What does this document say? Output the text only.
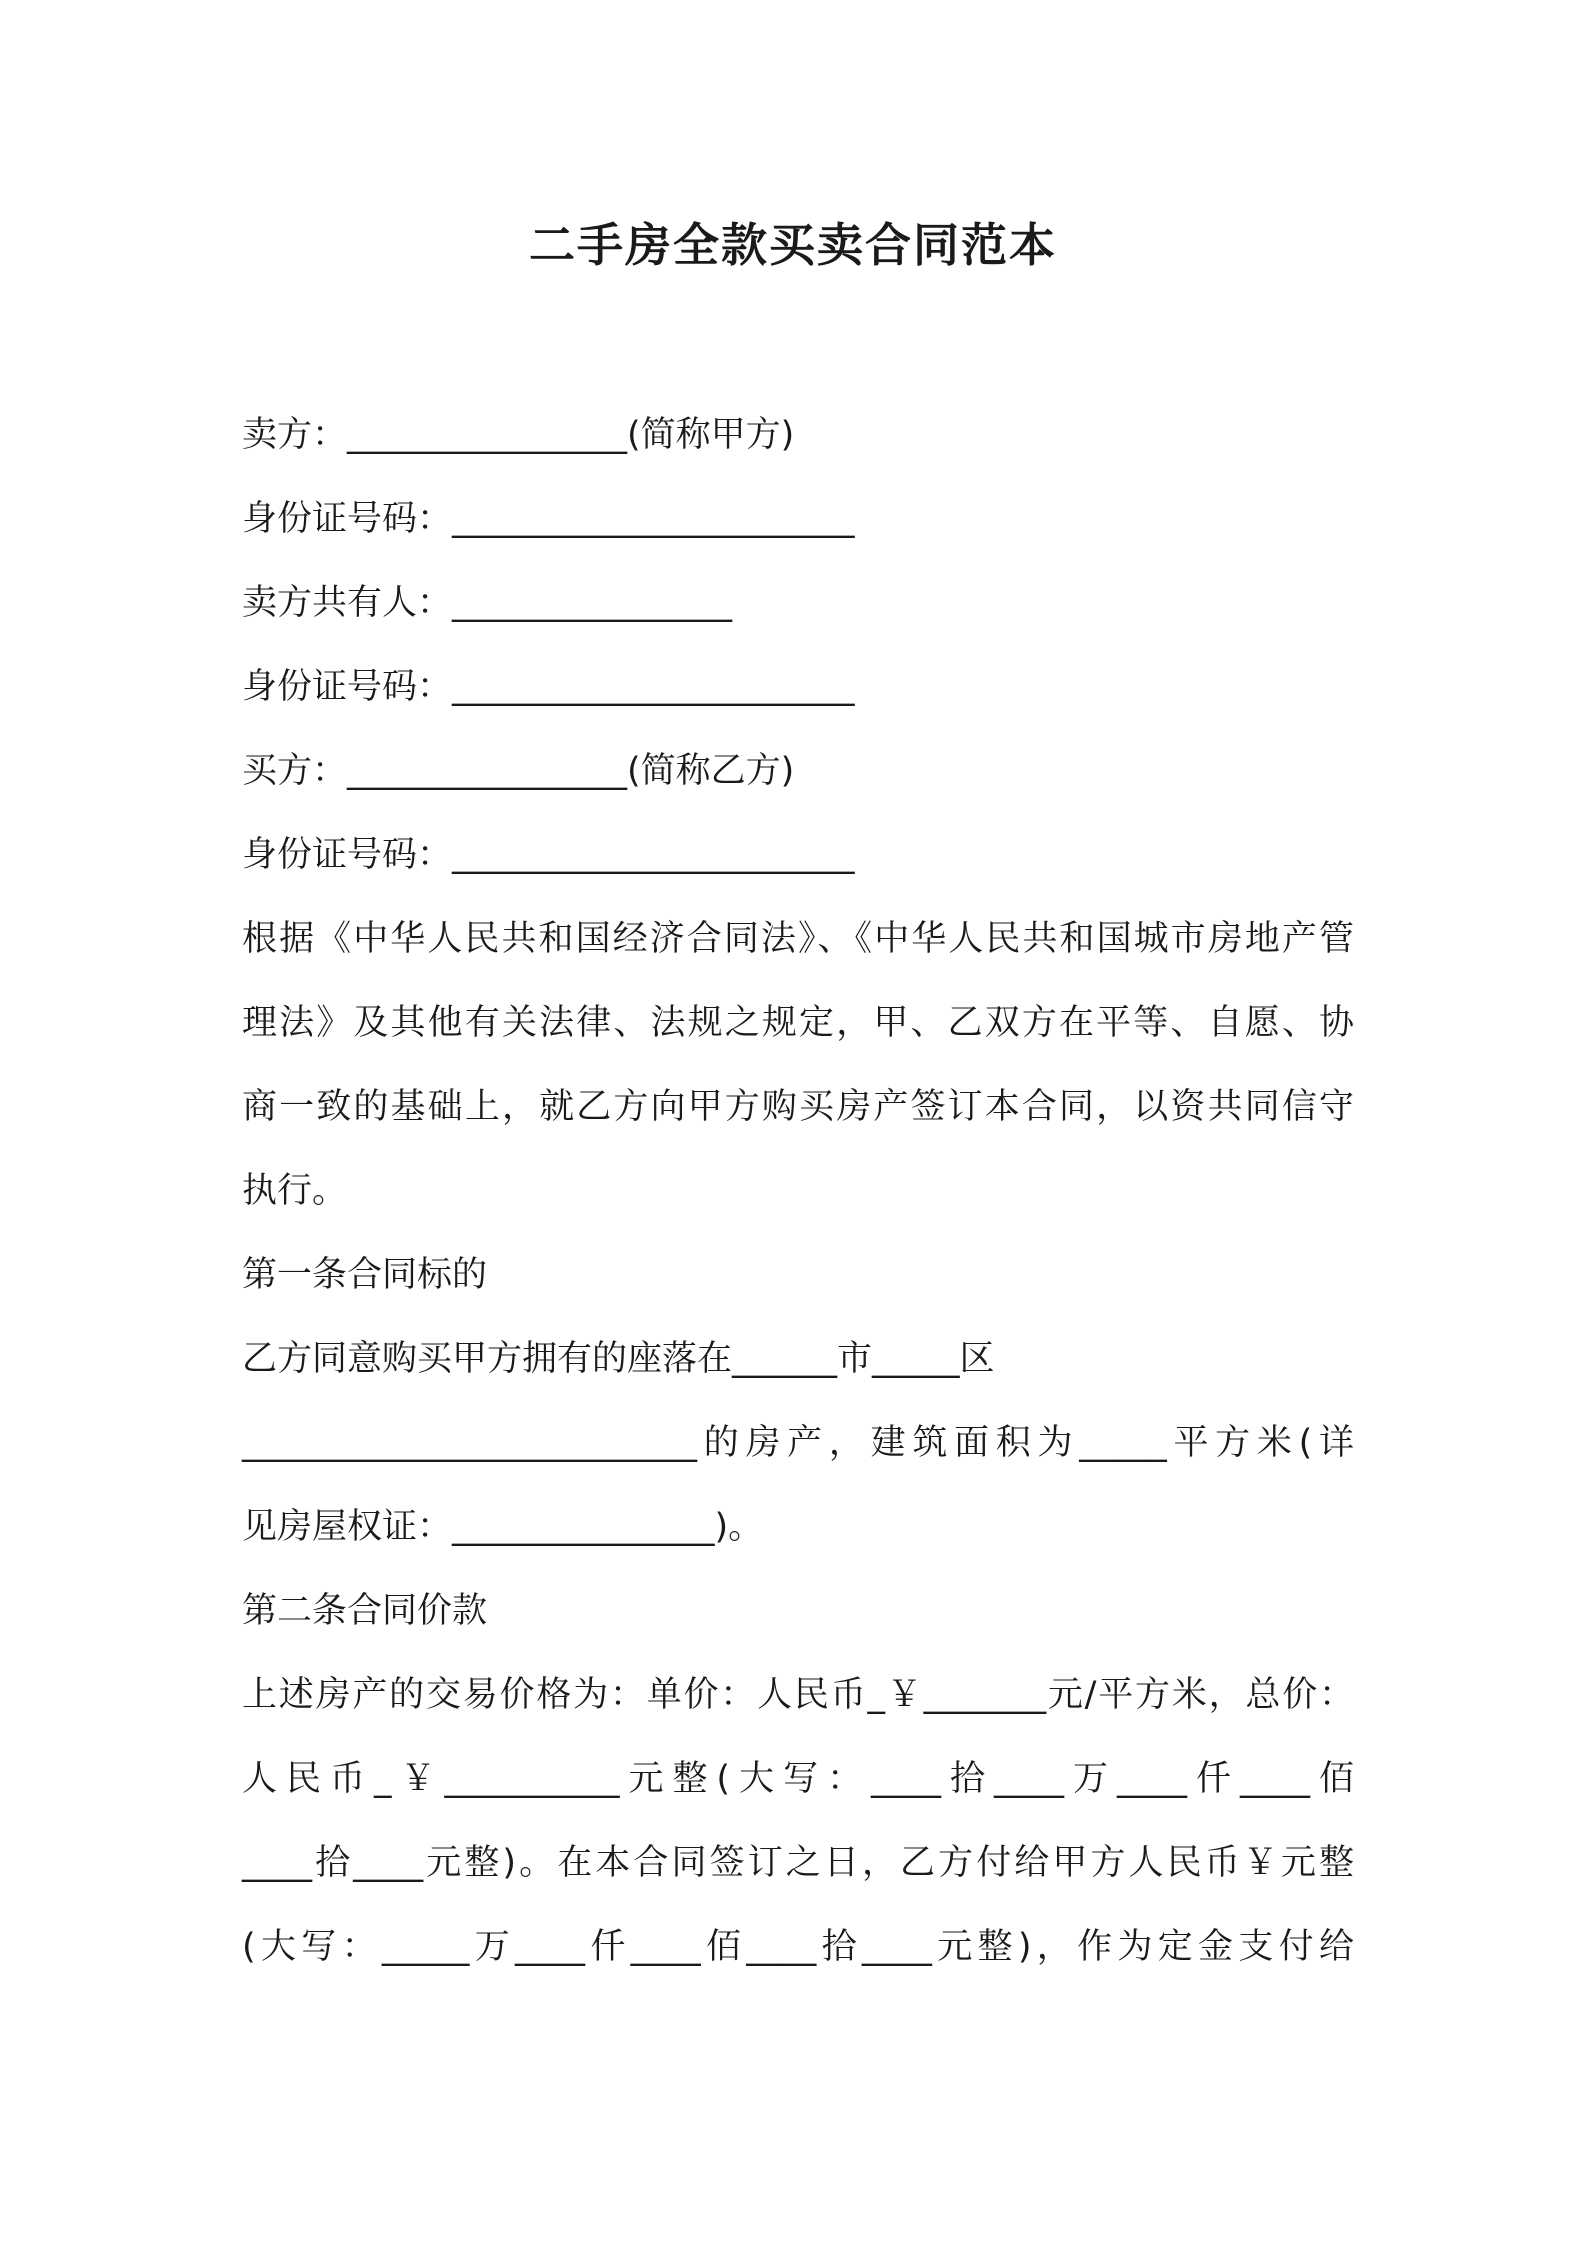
二手房全款买卖合同范本
卖方：________________(简称甲方)
身份证号码：_______________________
卖方共有人：________________
身份证号码：_______________________
买方：________________(简称乙方)
身份证号码：_______________________
根据《中华人民共和国经济合同法》、《中华人民共和国城市房地产管
理法》及其他有关法律、法规之规定，甲、乙双方在平等、自愿、协
商一致的基础上，就乙方向甲方购买房产签订本合同，以资共同信守
执行。
第一条合同标的
乙方同意购买甲方拥有的座落在______市_____区
__________________________的房产，建筑面积为_____平方米(详
见房屋权证：_______________)。
第二条合同价款
上述房产的交易价格为：单价：人民币_￥_______元/平方米，总价：
人民币_￥__________元整(大写：____拾____万____仟____佰
____拾____元整)。在本合同签订之日，乙方付给甲方人民币￥元整
(大写：_____万____仟____佰____拾____元整)，作为定金支付给
